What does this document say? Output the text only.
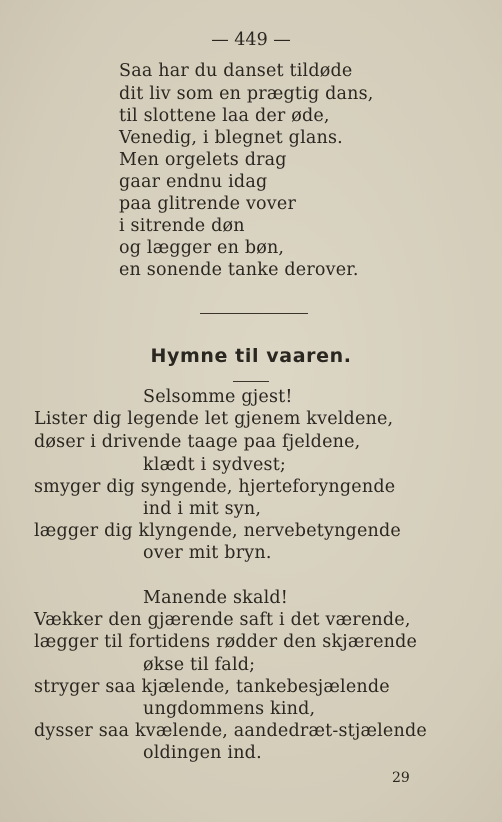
— 449 —
Saa har du danset tildøde
dit liv som en prægtig dans,
til slottene laa der øde,
Venedig, i blegnet glans.
Men orgelets drag
gaar endnu idag
paa glitrende vover
i sitrende døn
og lægger en bøn,
en sonende tanke derover.
Hymne til vaaren.
Selsomme gjest!
Lister dig legende let gjenem kveldene,
døser i drivende taage paa fjeldene,
klædt i sydvest;
smyger dig syngende, hjerteforyngende
ind i mit syn,
lægger dig klyngende, nervebetyngende
over mit bryn.
Manende skald!
Vækker den gjærende saft i det værende,
lægger til fortidens rødder den skjærende
økse til fald;
stryger saa kjælende, tankebesjælende
ungdommens kind,
dysser saa kvælende, aandedræt-stjælende
oldingen ind.
29
